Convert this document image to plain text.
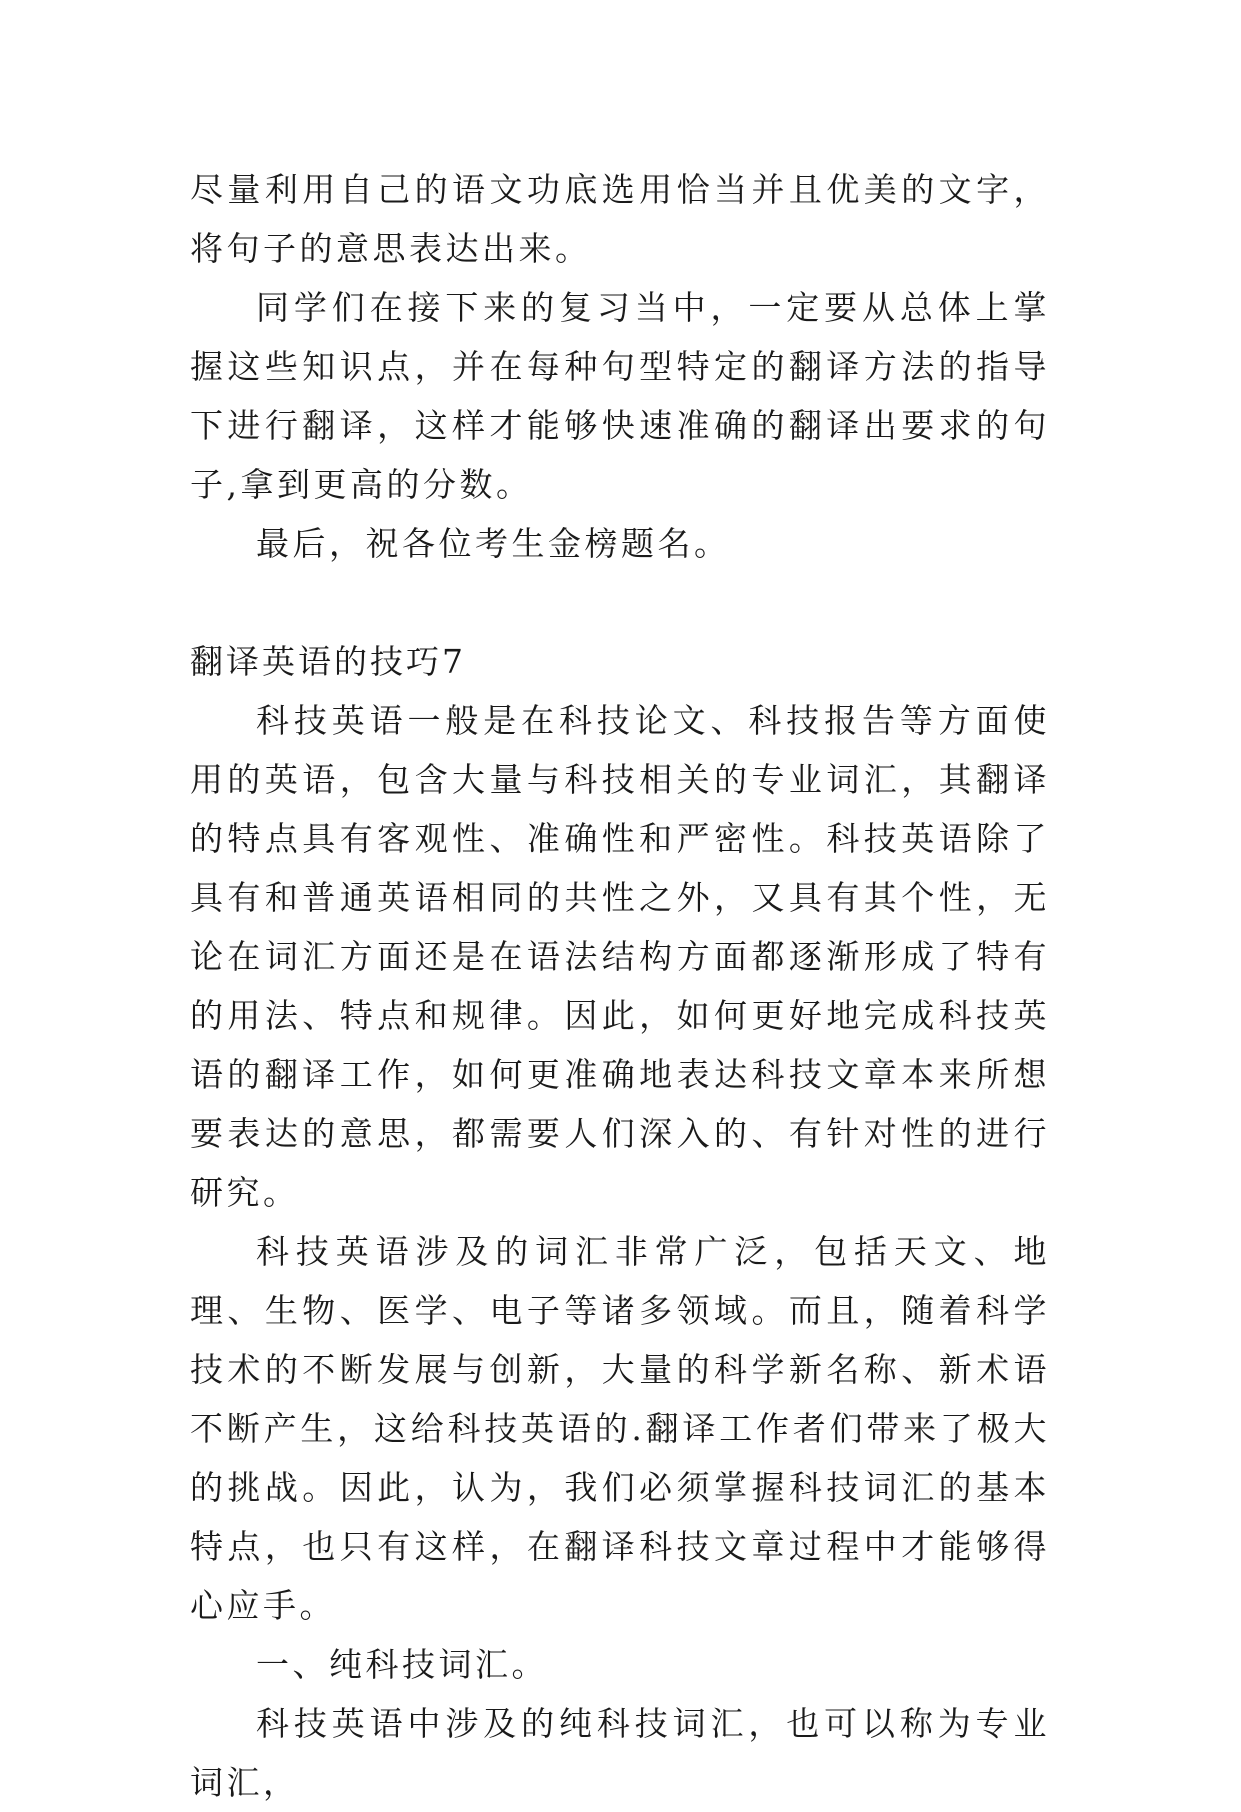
尽量利用自己的语文功底选用恰当并且优美的文字，将句子的意思表达出来。

同学们在接下来的复习当中，一定要从总体上掌握这些知识点，并在每种句型特定的翻译方法的指导下进行翻译，这样才能够快速准确的翻译出要求的句子,拿到更高的分数。

最后，祝各位考生金榜题名。

翻译英语的技巧7

科技英语一般是在科技论文、科技报告等方面使用的英语，包含大量与科技相关的专业词汇，其翻译的特点具有客观性、准确性和严密性。科技英语除了具有和普通英语相同的共性之外，又具有其个性，无论在词汇方面还是在语法结构方面都逐渐形成了特有的用法、特点和规律。因此，如何更好地完成科技英语的翻译工作，如何更准确地表达科技文章本来所想要表达的意思，都需要人们深入的、有针对性的进行研究。

科技英语涉及的词汇非常广泛，包括天文、地理、生物、医学、电子等诸多领域。而且，随着科学技术的不断发展与创新，大量的科学新名称、新术语不断产生，这给科技英语的.翻译工作者们带来了极大的挑战。因此，认为，我们必须掌握科技词汇的基本特点，也只有这样，在翻译科技文章过程中才能够得心应手。

一、纯科技词汇。

科技英语中涉及的纯科技词汇，也可以称为专业词汇，
